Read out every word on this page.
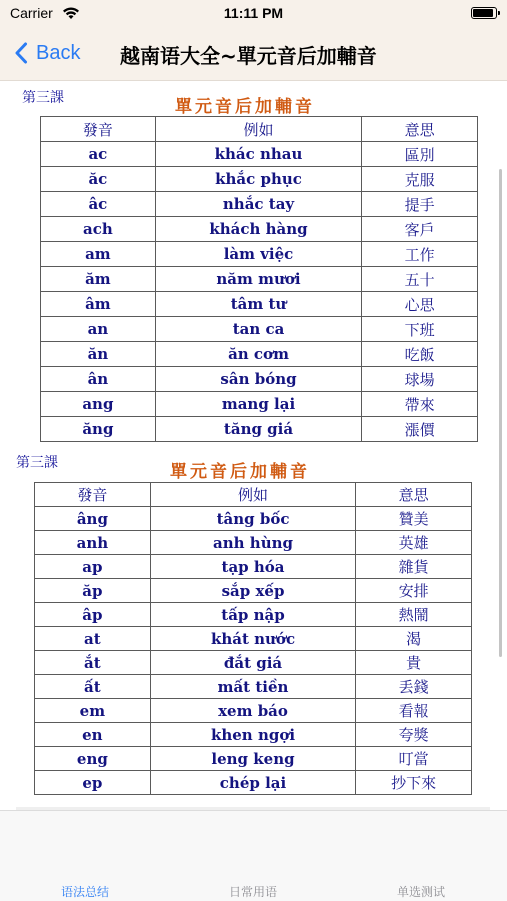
Carrier	11:11 PM
Back 越南语大全~單元音后加輔音
第三課	單元音后加輔音
發音	例如	意思
ac	khác nhau	區別
ăc	khắc phục	克服
âc	nhắc tay	提手
ach	khách hàng	客戶
am	làm việc	工作
ăm	năm mươi	五十
âm	tâm tư	心思
an	tan ca	下班
ăn	ăn cơm	吃飯
ân	sân bóng	球場
ang	mang lại	帶來
ăng	tăng giá	漲價
第三課	單元音后加輔音
發音	例如	意思
âng	tâng bốc	贊美
anh	anh hùng	英雄
ap	tạp hóa	雜貨
ăp	sắp xếp	安排
âp	tấp nập	熱鬧
at	khát nước	渴
ắt	đắt giá	貴
ất	mất tiền	丢錢
em	xem báo	看報
en	khen ngợi	夸獎
eng	leng keng	叮當
ep	chép lại	抄下來
语法总结	日常用语	单选测试
